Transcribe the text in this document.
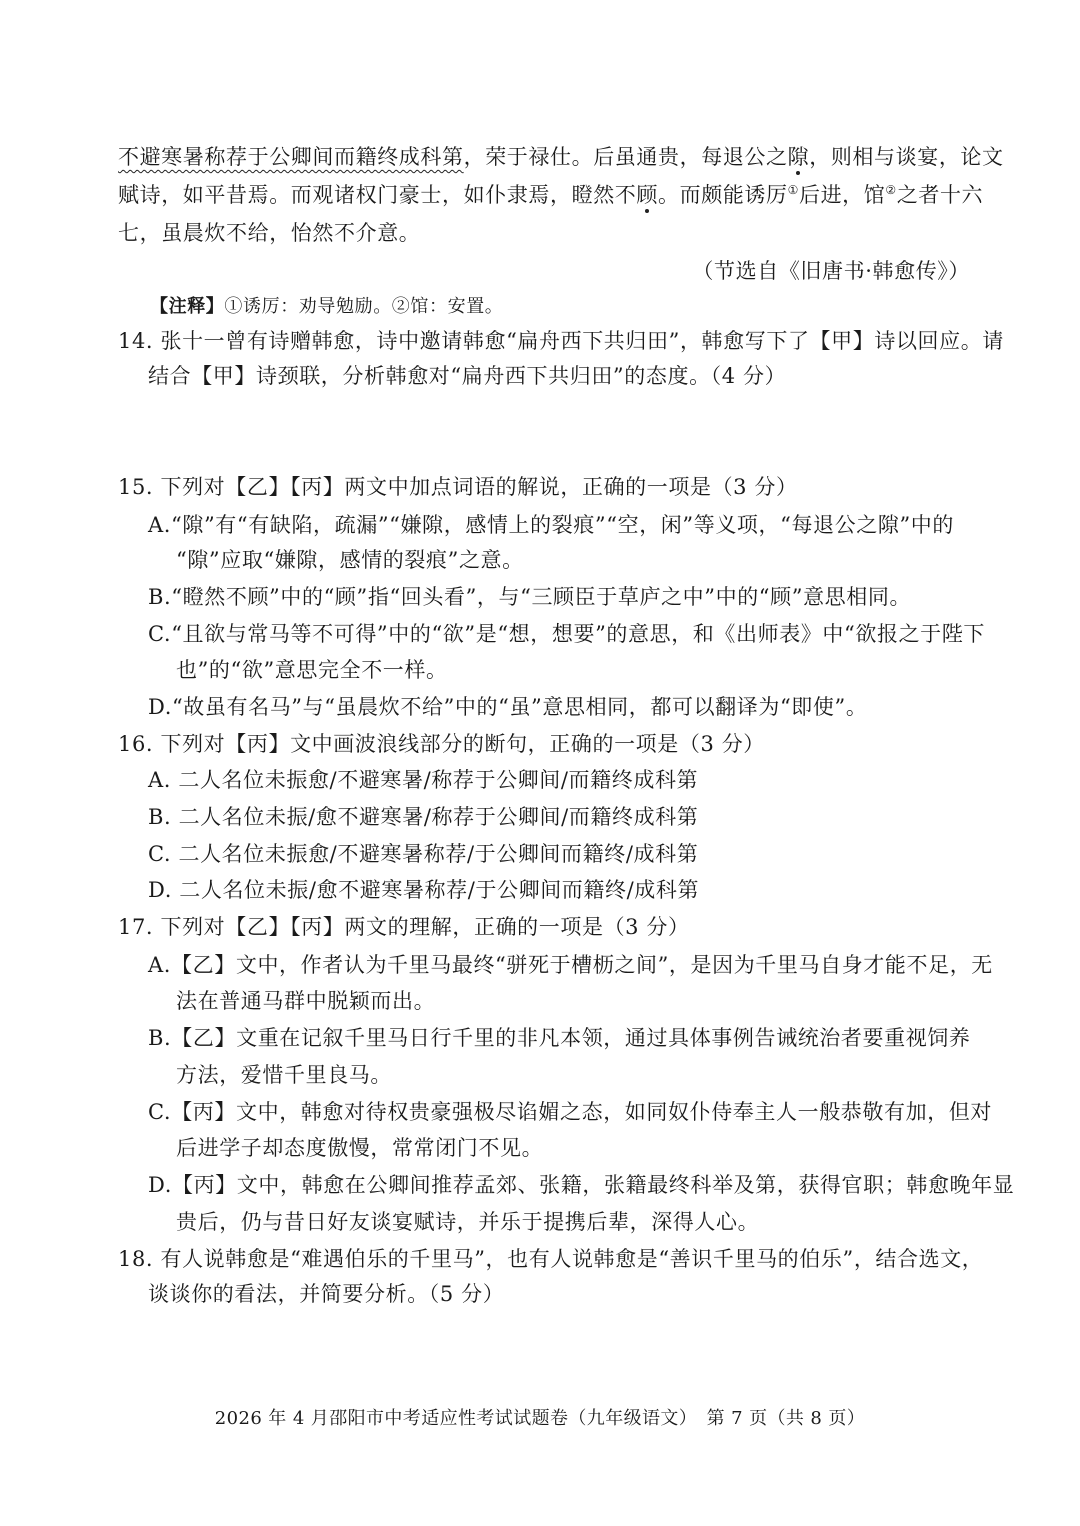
不避寒暑称荐于公卿间而籍终成科第，荣于禄仕。后虽通贵，每退公之隙，则相与谈宴，论文
赋诗，如平昔焉。而观诸权门豪士，如仆隶焉，瞪然不顾。而颇能诱厉①后进，馆②之者十六
七，虽晨炊不给，怡然不介意。
（节选自《旧唐书·韩愈传》）
【注释】①诱厉：劝导勉励。②馆：安置。
14. 张十一曾有诗赠韩愈，诗中邀请韩愈“扁舟西下共归田”，韩愈写下了【甲】诗以回应。请
结合【甲】诗颈联，分析韩愈对“扁舟西下共归田”的态度。（4 分）
15. 下列对【乙】【丙】两文中加点词语的解说，正确的一项是（3 分）
A.“隙”有“有缺陷，疏漏”“嫌隙，感情上的裂痕”“空，闲”等义项，“每退公之隙”中的
“隙”应取“嫌隙，感情的裂痕”之意。
B.“瞪然不顾”中的“顾”指“回头看”，与“三顾臣于草庐之中”中的“顾”意思相同。
C.“且欲与常马等不可得”中的“欲”是“想，想要”的意思，和《出师表》中“欲报之于陛下
也”的“欲”意思完全不一样。
D.“故虽有名马”与“虽晨炊不给”中的“虽”意思相同，都可以翻译为“即使”。
16. 下列对【丙】文中画波浪线部分的断句，正确的一项是（3 分）
A. 二人名位未振愈/不避寒暑/称荐于公卿间/而籍终成科第
B. 二人名位未振/愈不避寒暑/称荐于公卿间/而籍终成科第
C. 二人名位未振愈/不避寒暑称荐/于公卿间而籍终/成科第
D. 二人名位未振/愈不避寒暑称荐/于公卿间而籍终/成科第
17. 下列对【乙】【丙】两文的理解，正确的一项是（3 分）
A.【乙】文中，作者认为千里马最终“骈死于槽枥之间”，是因为千里马自身才能不足，无
法在普通马群中脱颖而出。
B.【乙】文重在记叙千里马日行千里的非凡本领，通过具体事例告诫统治者要重视饲养
方法，爱惜千里良马。
C.【丙】文中，韩愈对待权贵豪强极尽谄媚之态，如同奴仆侍奉主人一般恭敬有加，但对
后进学子却态度傲慢，常常闭门不见。
D.【丙】文中，韩愈在公卿间推荐孟郊、张籍，张籍最终科举及第，获得官职；韩愈晚年显
贵后，仍与昔日好友谈宴赋诗，并乐于提携后辈，深得人心。
18. 有人说韩愈是“难遇伯乐的千里马”，也有人说韩愈是“善识千里马的伯乐”，结合选文，
谈谈你的看法，并简要分析。（5 分）
2026 年 4 月邵阳市中考适应性考试试题卷（九年级语文）　第 7 页（共 8 页）
